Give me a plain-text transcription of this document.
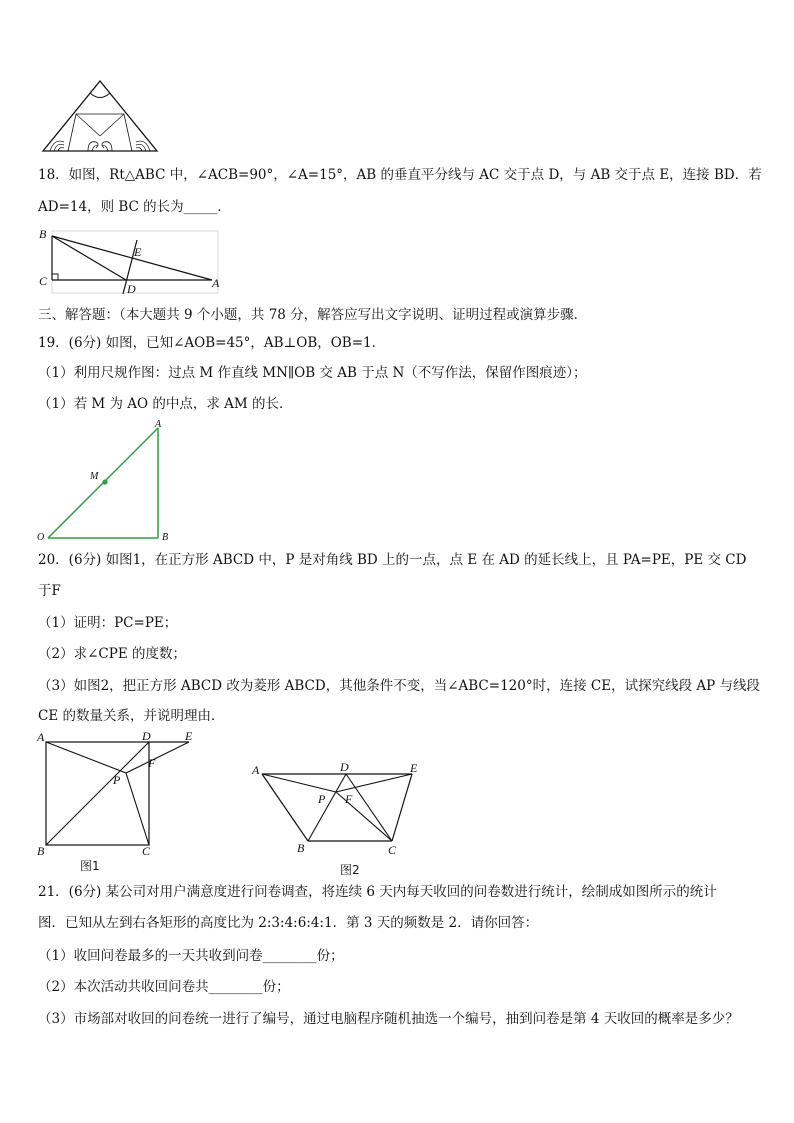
18．如图，Rt△ABC 中，∠ACB=90°，∠A=15°，AB 的垂直平分线与 AC 交于点 D，与 AB 交于点 E，连接 BD．若
AD=14，则 BC 的长为_____．
B
E
C
D	A
三、解答题：（本大题共 9 个小题，共 78 分，解答应写出文字说明、证明过程或演算步骤．
19．(6分) 如图，已知∠AOB=45°，AB⊥OB，OB=1．
（1）利用尺规作图：过点 M 作直线 MN∥OB 交 AB 于点 N（不写作法，保留作图痕迹）；
（1）若 M 为 AO 的中点，求 AM 的长．
A
M
O	B
20．(6分) 如图1，在正方形 ABCD 中，P 是对角线 BD 上的一点，点 E 在 AD 的延长线上，且 PA=PE，PE 交 CD
于F
（1）证明：PC=PE；
（2）求∠CPE 的度数；
（3）如图2，把正方形 ABCD 改为菱形 ABCD，其他条件不变，当∠ABC=120°时，连接 CE，试探究线段 AP 与线段
CE 的数量关系，并说明理由．
A	D	E
F
P
B	C
图1
A	D	E
P F
B	C
图2
21．(6分) 某公司对用户满意度进行问卷调查，将连续 6 天内每天收回的问卷数进行统计，绘制成如图所示的统计
图．已知从左到右各矩形的高度比为 2:3:4:6:4:1．第 3 天的频数是 2．请你回答：
（1）收回问卷最多的一天共收到问卷________份；
（2）本次活动共收回问卷共________份；
（3）市场部对收回的问卷统一进行了编号，通过电脑程序随机抽选一个编号，抽到问卷是第 4 天收回的概率是多少？
